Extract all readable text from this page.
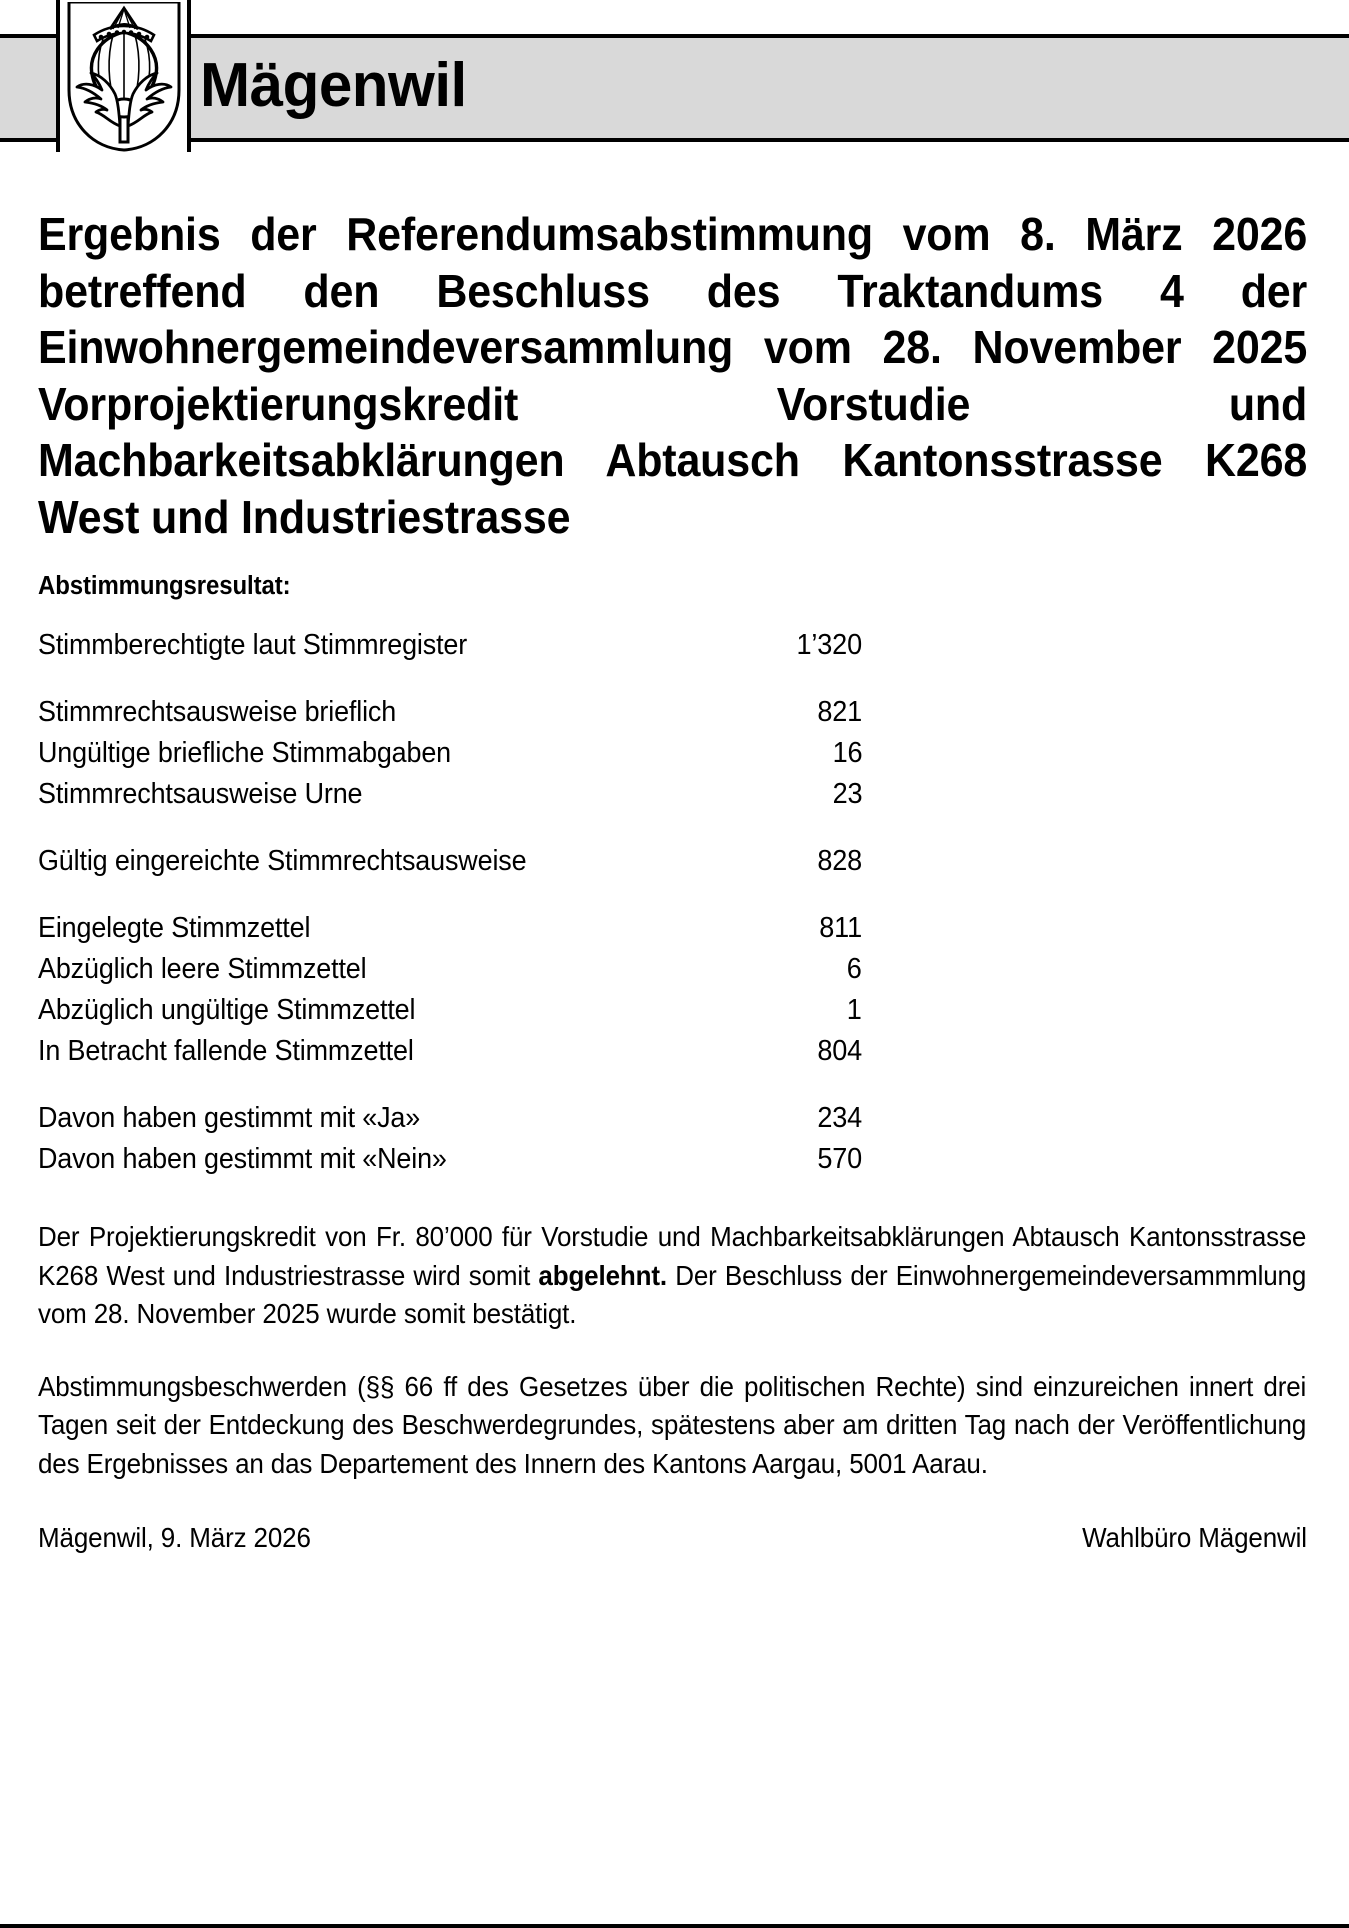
Mägenwil
Ergebnis der Referendumsabstimmung vom 8. März 2026 betreffend den Beschluss des Traktandums 4 der Einwohnergemeindeversammlung vom 28. November 2025 Vorprojektierungskredit Vorstudie und Machbarkeitsabklärungen Abtausch Kantonsstrasse K268 West und Industriestrasse
Abstimmungsresultat:
Stimmberechtigte laut Stimmregister	1’320
Stimmrechtsausweise brieflich	821
Ungültige briefliche Stimmabgaben	16
Stimmrechtsausweise Urne	23
Gültig eingereichte Stimmrechtsausweise	828
Eingelegte Stimmzettel	811
Abzüglich leere Stimmzettel	6
Abzüglich ungültige Stimmzettel	1
In Betracht fallende Stimmzettel	804
Davon haben gestimmt mit «Ja»	234
Davon haben gestimmt mit «Nein»	570
Der Projektierungskredit von Fr. 80’000 für Vorstudie und Machbarkeitsabklärungen Abtausch Kantonsstrasse K268 West und Industriestrasse wird somit abgelehnt. Der Beschluss der Einwohnergemeindeversammmlung vom 28. November 2025 wurde somit bestätigt.
Abstimmungsbeschwerden (§§ 66 ff des Gesetzes über die politischen Rechte) sind einzureichen innert drei Tagen seit der Entdeckung des Beschwerdegrundes, spätestens aber am dritten Tag nach der Veröffentlichung des Ergebnisses an das Departement des Innern des Kantons Aargau, 5001 Aarau.
Mägenwil, 9. März 2026	Wahlbüro Mägenwil
